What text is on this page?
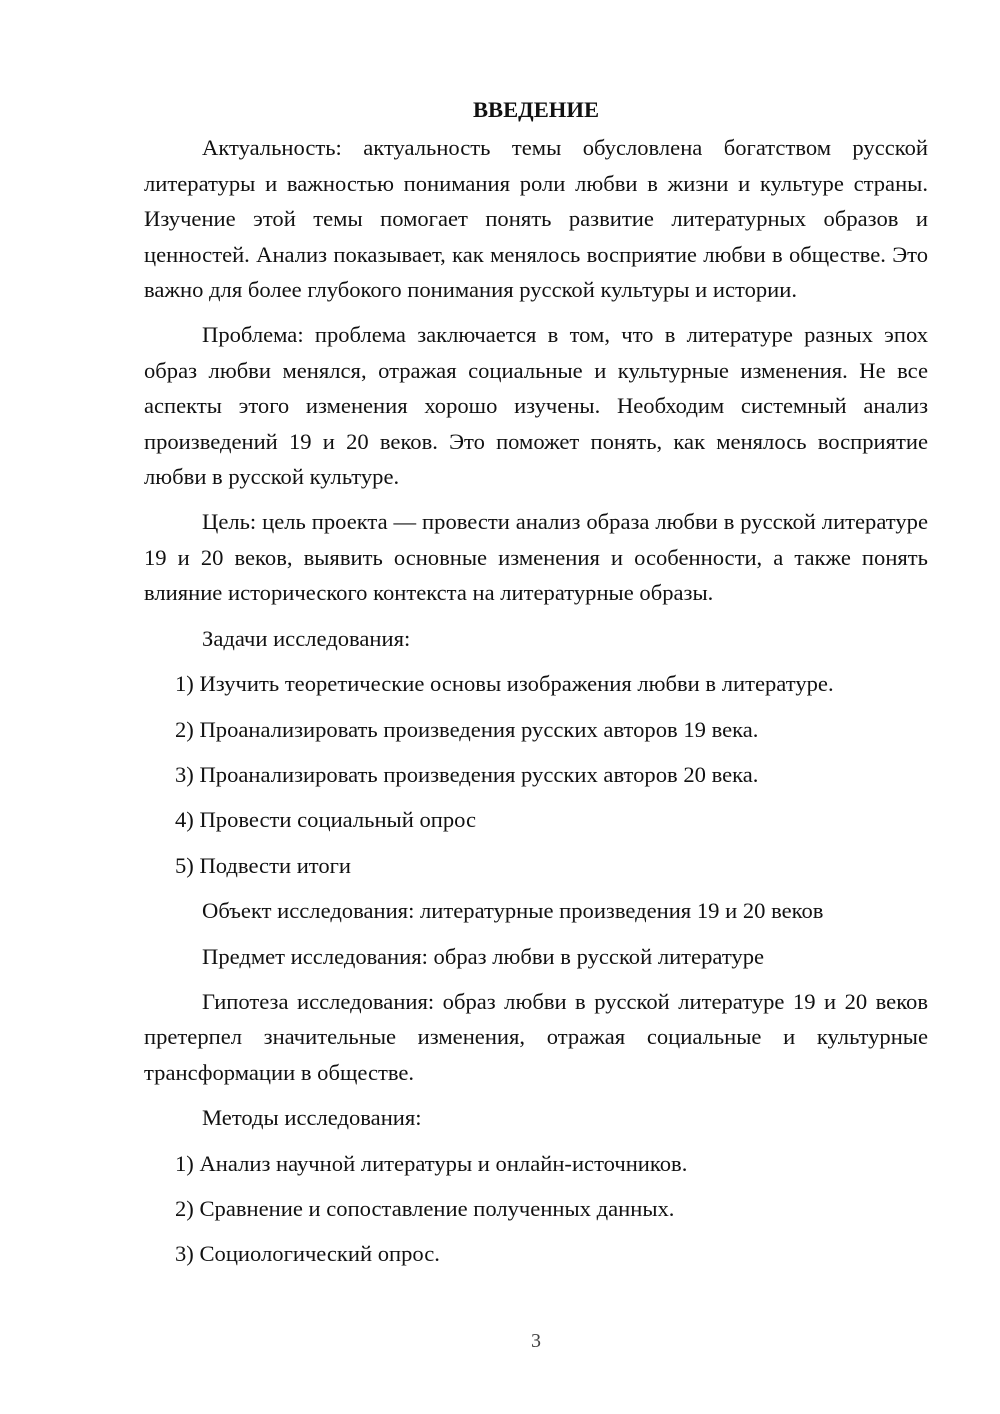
ВВЕДЕНИЕ

Актуальность: актуальность темы обусловлена богатством русской литературы и важностью понимания роли любви в жизни и культуре страны. Изучение этой темы помогает понять развитие литературных образов и ценностей. Анализ показывает, как менялось восприятие любви в обществе. Это важно для более глубокого понимания русской культуры и истории.

Проблема: проблема заключается в том, что в литературе разных эпох образ любви менялся, отражая социальные и культурные изменения. Не все аспекты этого изменения хорошо изучены. Необходим системный анализ произведений 19 и 20 веков. Это поможет понять, как менялось восприятие любви в русской культуре.

Цель: цель проекта — провести анализ образа любви в русской литературе 19 и 20 веков, выявить основные изменения и особенности, а также понять влияние исторического контекста на литературные образы.

Задачи исследования:
1) Изучить теоретические основы изображения любви в литературе.
2) Проанализировать произведения русских авторов 19 века.
3) Проанализировать произведения русских авторов 20 века.
4) Провести социальный опрос
5) Подвести итоги
Объект исследования: литературные произведения 19 и 20 веков
Предмет исследования: образ любви в русской литературе

Гипотеза исследования: образ любви в русской литературе 19 и 20 веков претерпел значительные изменения, отражая социальные и культурные трансформации в обществе.

Методы исследования:
1) Анализ научной литературы и онлайн-источников.
2) Сравнение и сопоставление полученных данных.
3) Социологический опрос.
3
